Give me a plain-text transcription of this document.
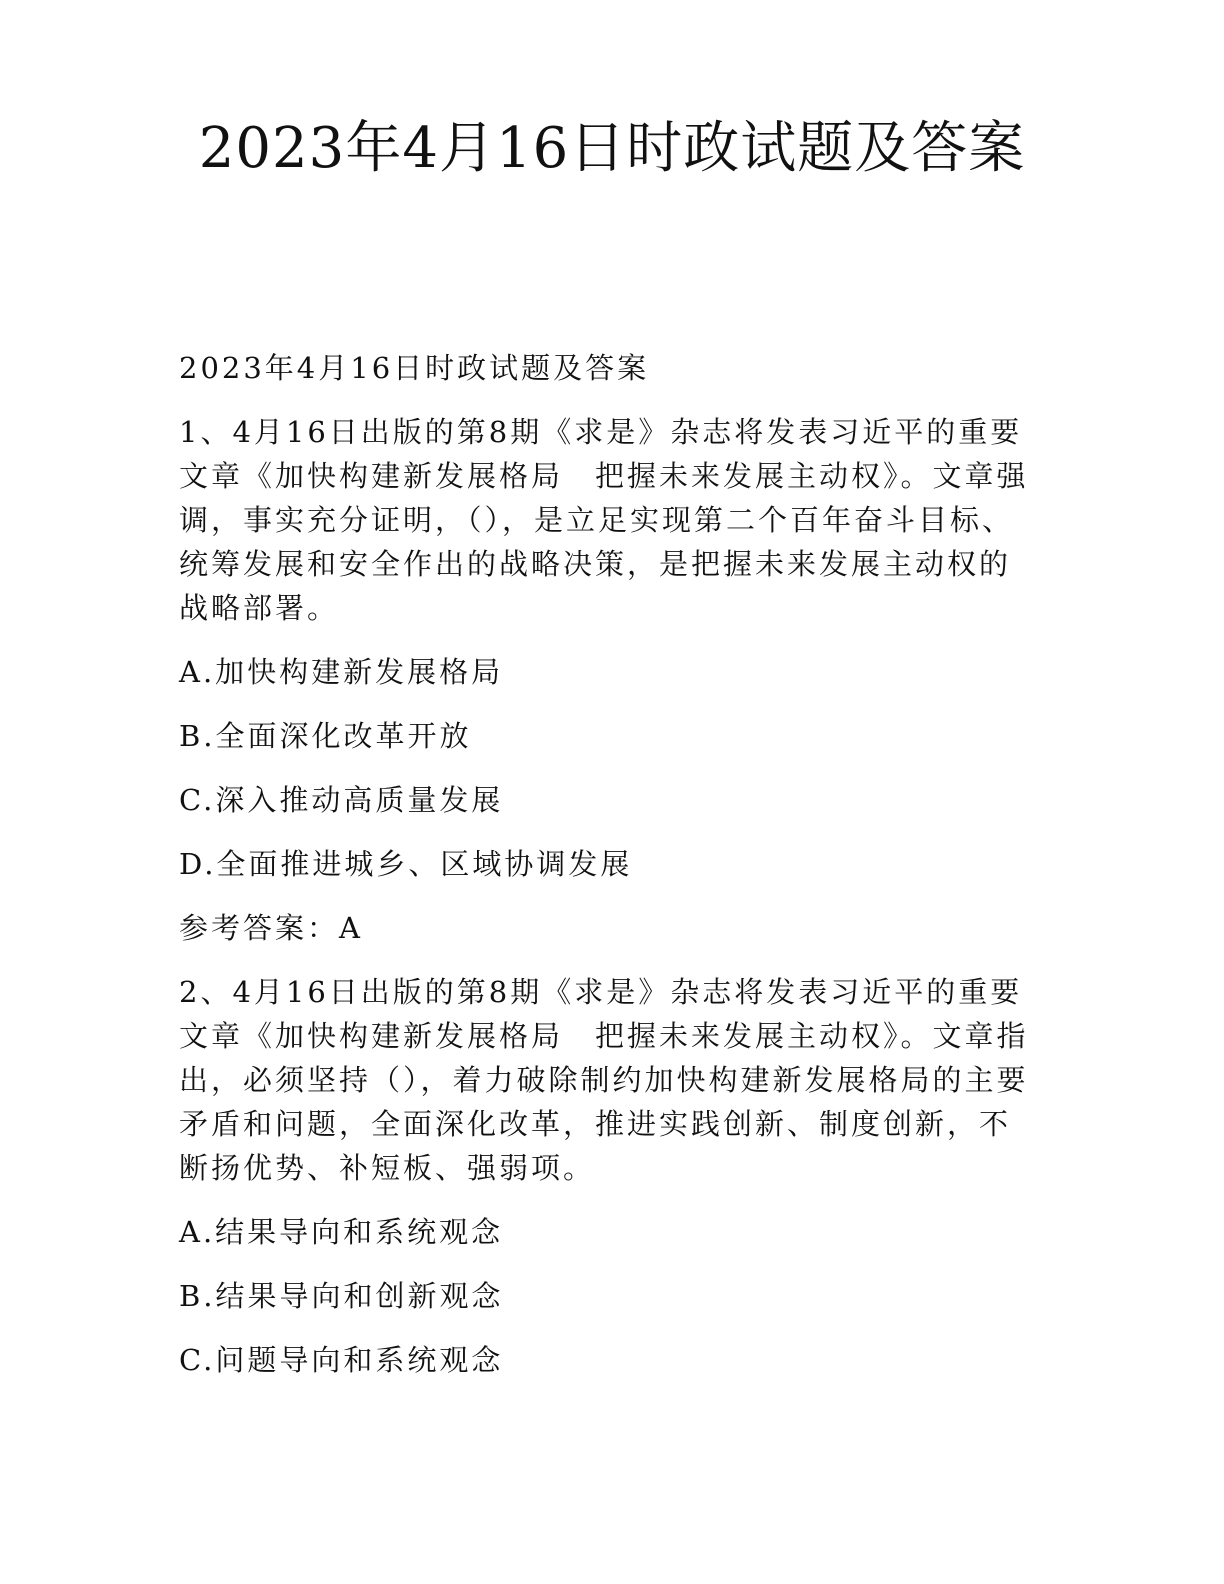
2023年4月16日时政试题及答案

2023年4月16日时政试题及答案

1、4月16日出版的第8期《求是》杂志将发表习近平的重要文章《加快构建新发展格局　把握未来发展主动权》。文章强调，事实充分证明，（），是立足实现第二个百年奋斗目标、统筹发展和安全作出的战略决策，是把握未来发展主动权的战略部署。

A.加快构建新发展格局

B.全面深化改革开放

C.深入推动高质量发展

D.全面推进城乡、区域协调发展

参考答案：A

2、4月16日出版的第8期《求是》杂志将发表习近平的重要文章《加快构建新发展格局　把握未来发展主动权》。文章指出，必须坚持（），着力破除制约加快构建新发展格局的主要矛盾和问题，全面深化改革，推进实践创新、制度创新，不断扬优势、补短板、强弱项。

A.结果导向和系统观念

B.结果导向和创新观念

C.问题导向和系统观念
